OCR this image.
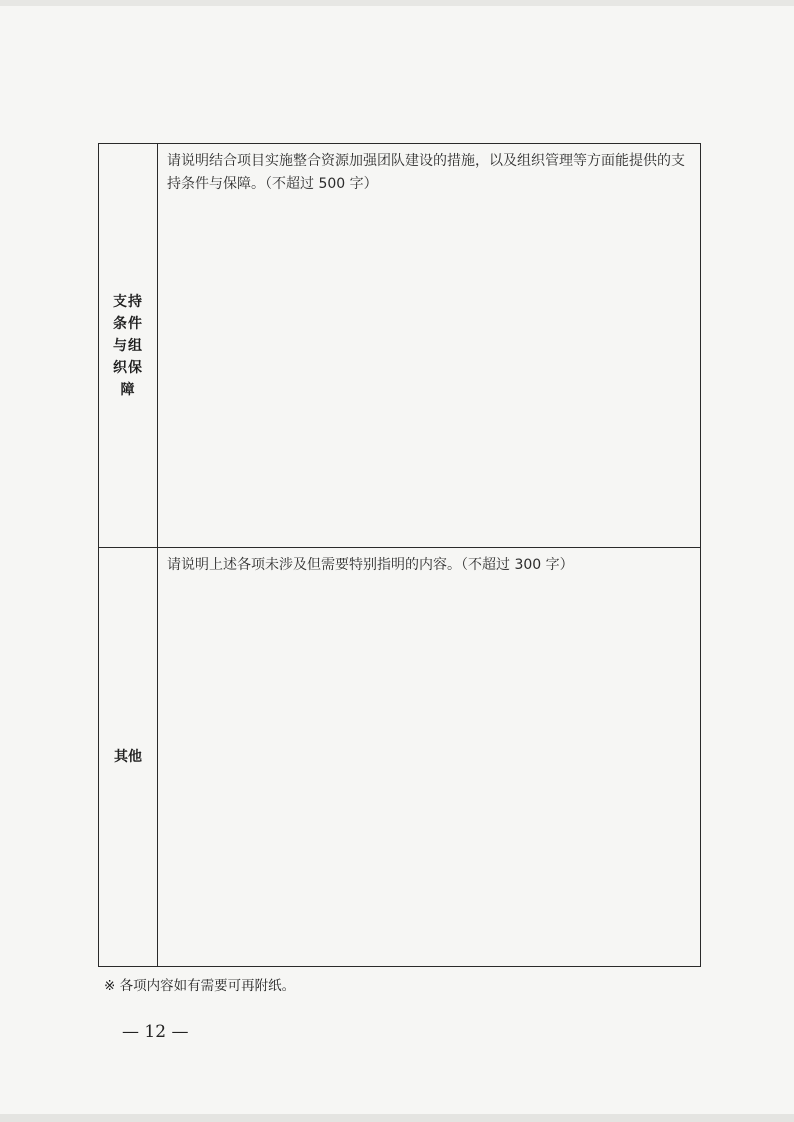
支持条件与组织保障

请说明结合项目实施整合资源加强团队建设的措施，以及组织管理等方面能提供的支持条件与保障。（不超过 500 字）

其他

请说明上述各项未涉及但需要特别指明的内容。（不超过 300 字）

※ 各项内容如有需要可再附纸。

— 12 —
